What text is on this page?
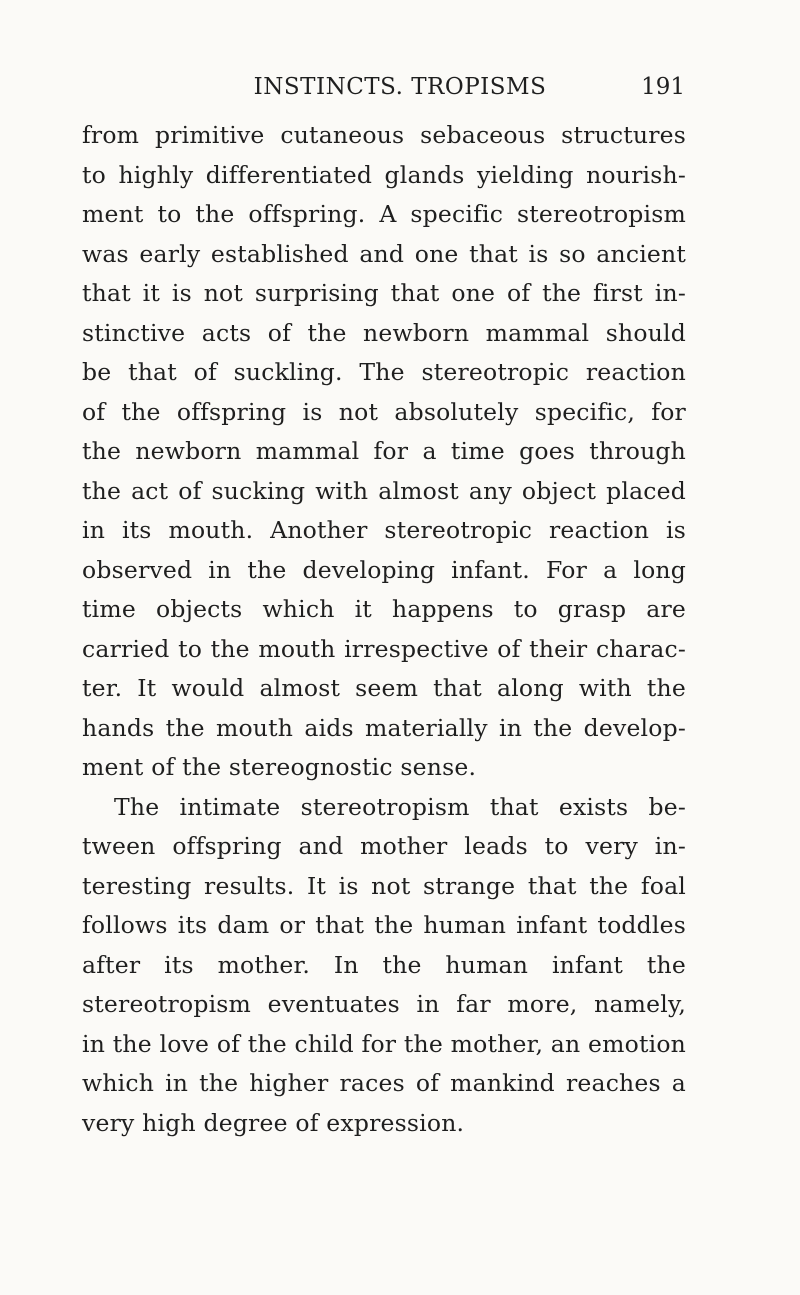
INSTINCTS. TROPISMS	191
from primitive cutaneous sebaceous structures
to highly differentiated glands yielding nourish-
ment to the offspring. A specific stereotropism
was early established and one that is so ancient
that it is not surprising that one of the first in-
stinctive acts of the newborn mammal should
be that of suckling. The stereotropic reaction
of the offspring is not absolutely specific, for
the newborn mammal for a time goes through
the act of sucking with almost any object placed
in its mouth. Another stereotropic reaction is
observed in the developing infant. For a long
time objects which it happens to grasp are
carried to the mouth irrespective of their charac-
ter. It would almost seem that along with the
hands the mouth aids materially in the develop-
ment of the stereognostic sense.
The intimate stereotropism that exists be-
tween offspring and mother leads to very in-
teresting results. It is not strange that the foal
follows its dam or that the human infant toddles
after its mother. In the human infant the
stereotropism eventuates in far more, namely,
in the love of the child for the mother, an emotion
which in the higher races of mankind reaches a
very high degree of expression.
